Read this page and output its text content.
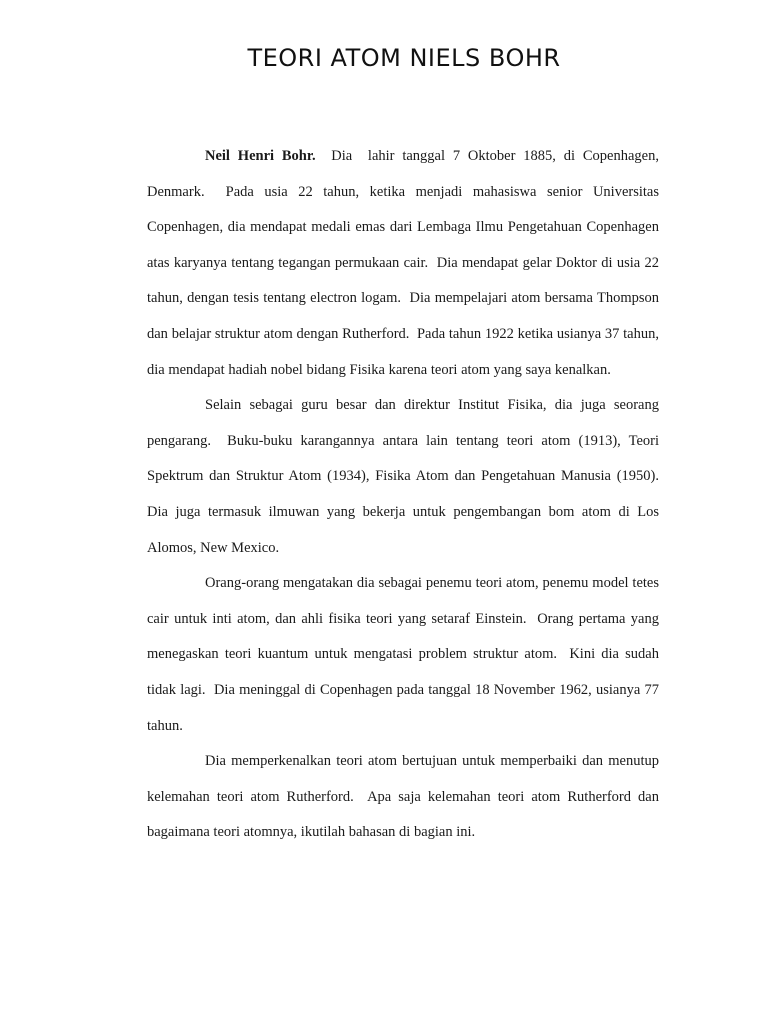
TEORI ATOM NIELS BOHR

Neil Henri Bohr.  Dia  lahir tanggal 7 Oktober 1885, di Copenhagen, Denmark.  Pada usia 22 tahun, ketika menjadi mahasiswa senior Universitas Copenhagen, dia mendapat medali emas dari Lembaga Ilmu Pengetahuan Copenhagen atas karyanya tentang tegangan permukaan cair.  Dia mendapat gelar Doktor di usia 22 tahun, dengan tesis tentang electron logam.  Dia mempelajari atom bersama Thompson dan belajar struktur atom dengan Rutherford.  Pada tahun 1922 ketika usianya 37 tahun, dia mendapat hadiah nobel bidang Fisika karena teori atom yang saya kenalkan.

Selain sebagai guru besar dan direktur Institut Fisika, dia juga seorang pengarang.  Buku-buku karangannya antara lain tentang teori atom (1913), Teori Spektrum dan Struktur Atom (1934), Fisika Atom dan Pengetahuan Manusia (1950).  Dia juga termasuk ilmuwan yang bekerja untuk pengembangan bom atom di Los Alomos, New Mexico.

Orang-orang mengatakan dia sebagai penemu teori atom, penemu model tetes cair untuk inti atom, dan ahli fisika teori yang setaraf Einstein.  Orang pertama yang menegaskan teori kuantum untuk mengatasi problem struktur atom.  Kini dia sudah tidak lagi.  Dia meninggal di Copenhagen pada tanggal 18 November 1962, usianya 77 tahun.

Dia memperkenalkan teori atom bertujuan untuk memperbaiki dan menutup kelemahan teori atom Rutherford.  Apa saja kelemahan teori atom Rutherford dan  bagaimana teori atomnya, ikutilah bahasan di bagian ini.
